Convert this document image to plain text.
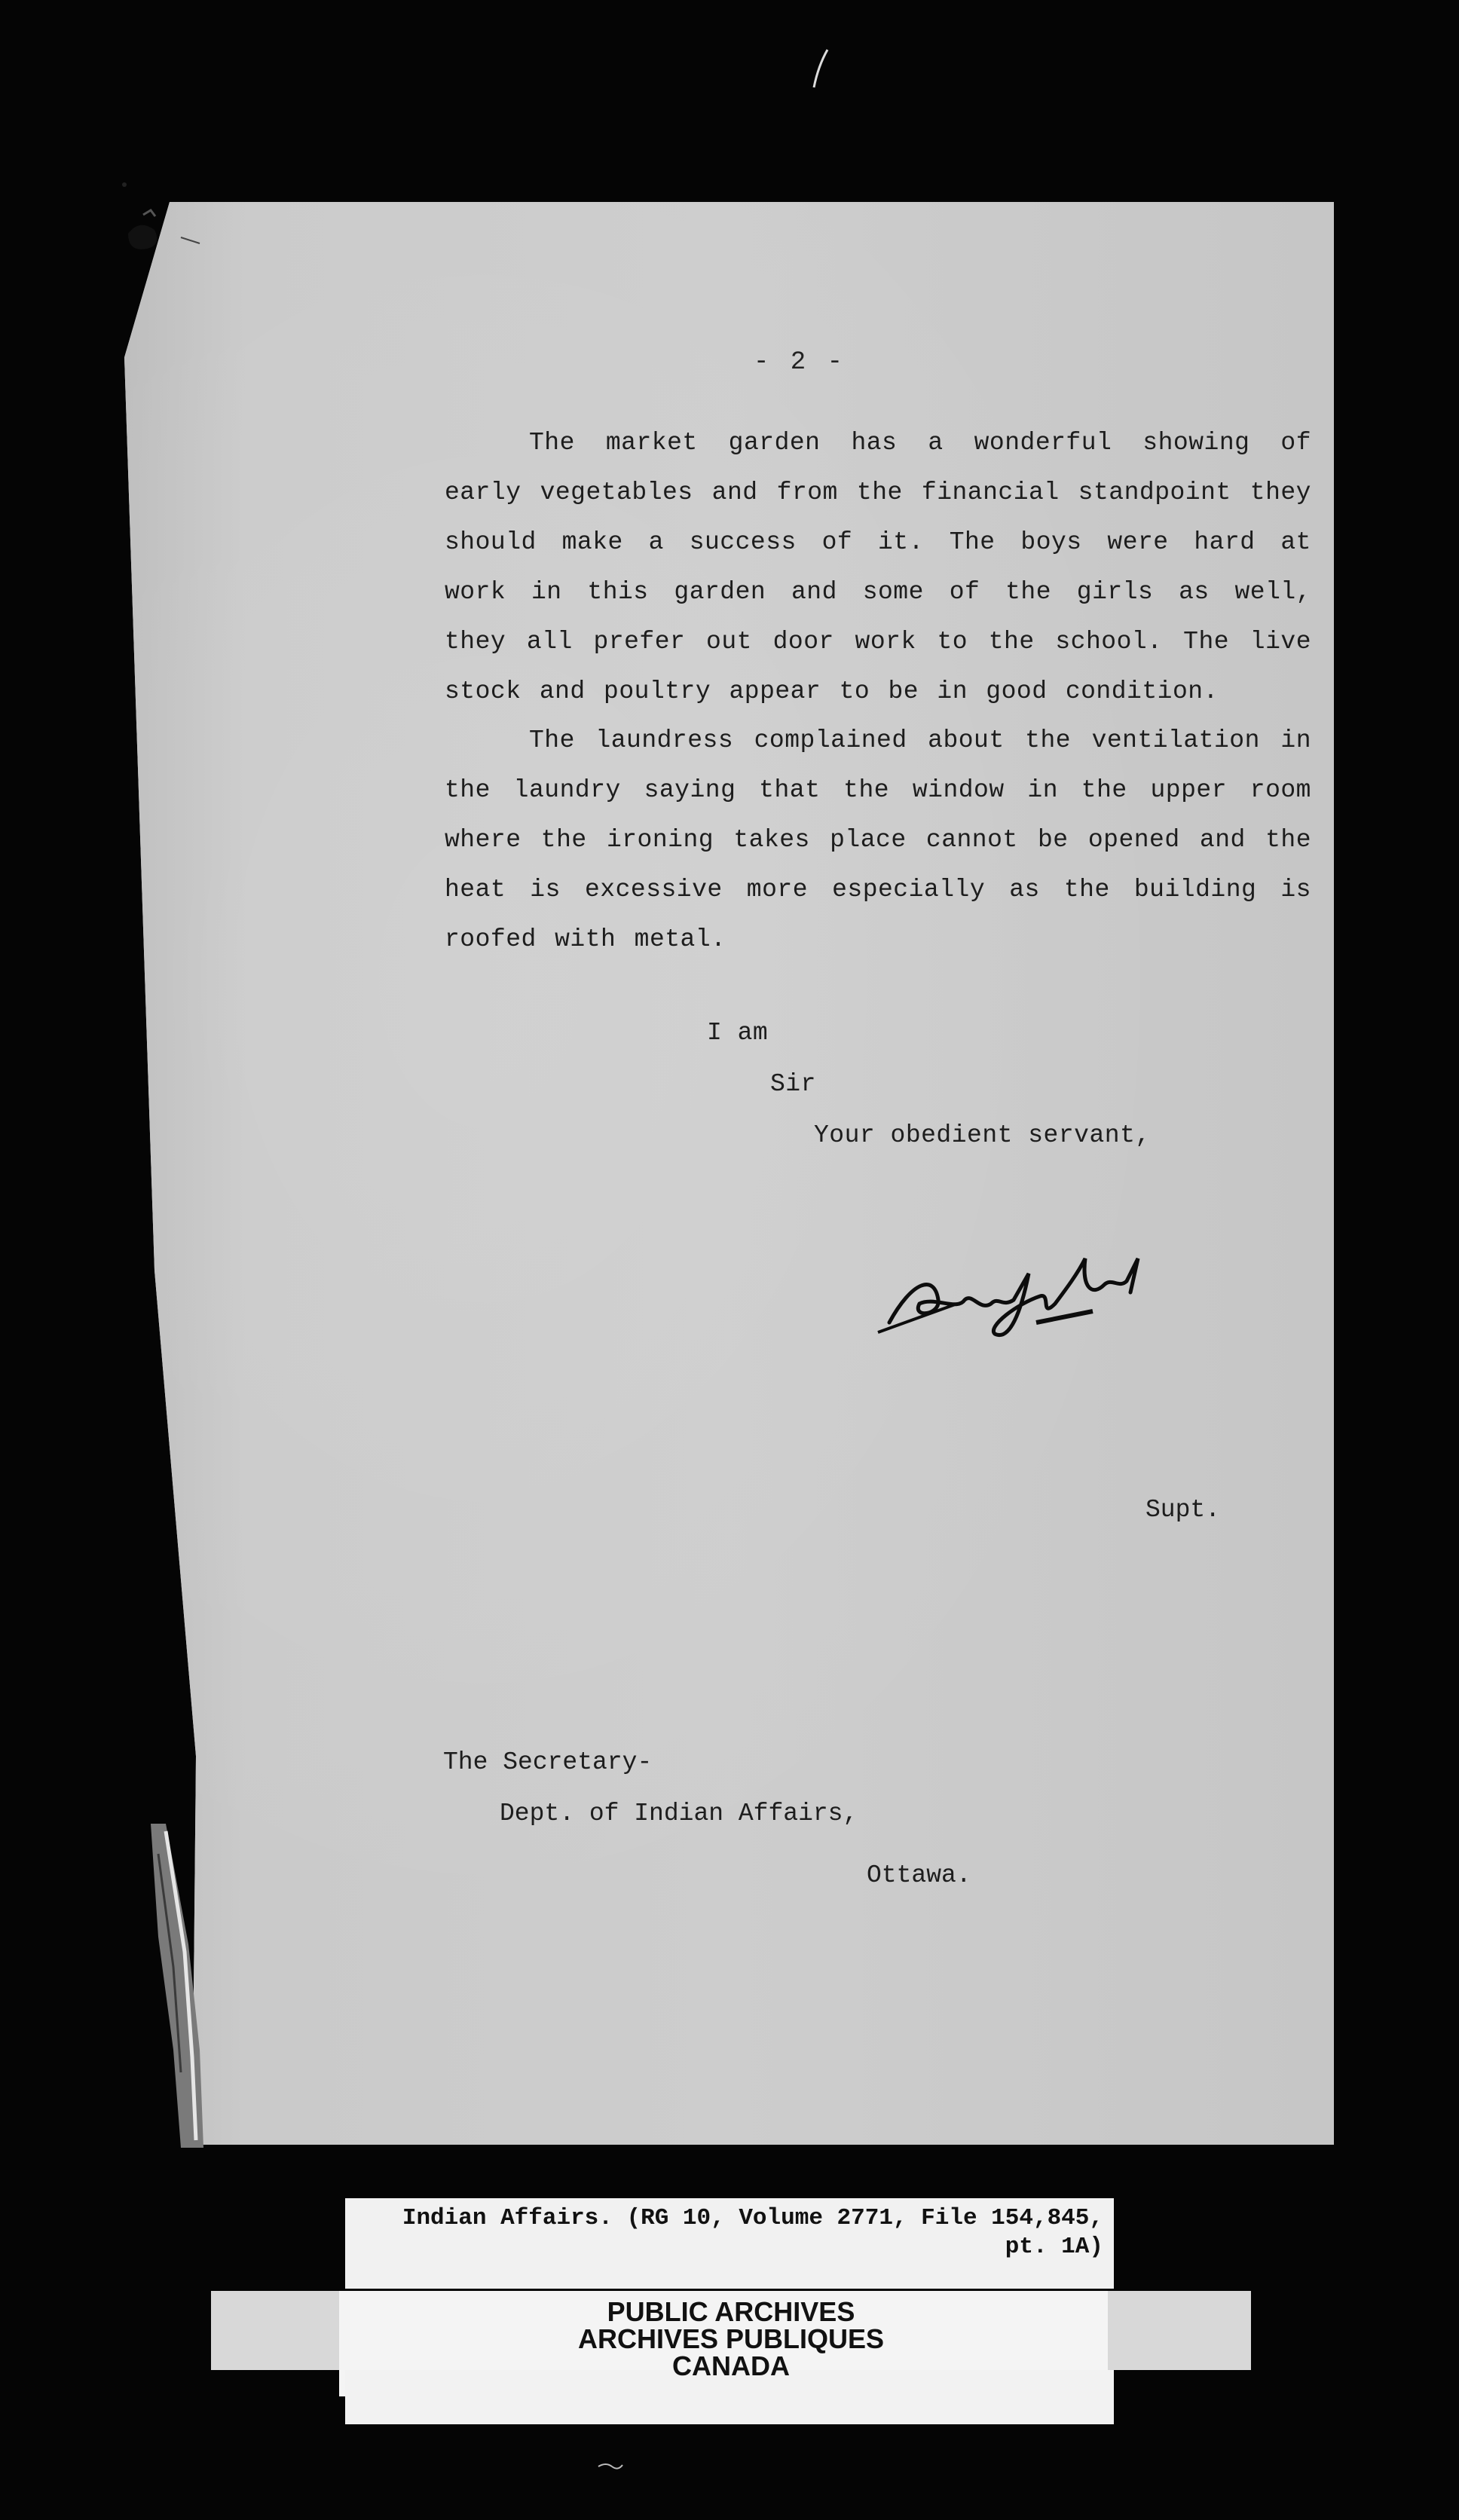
- 2 -
The market garden has a wonderful showing of early vegetables and from the financial standpoint they should make a success of it. The boys were hard at work in this garden and some of the girls as well, they all prefer out door work to the school. The live stock and poultry appear to be in good condition.
The laundress complained about the ventilation in the laundry saying that the window in the upper room where the ironing takes place cannot be opened and the heat is excessive more especially as the building is roofed with metal.
I am
Sir
Your obedient servant,
Supt.
The Secretary-
Dept. of Indian Affairs,
Ottawa.
Indian Affairs. (RG 10, Volume 2771, File 154,845, pt. 1A)
PUBLIC ARCHIVES
ARCHIVES PUBLIQUES
CANADA
